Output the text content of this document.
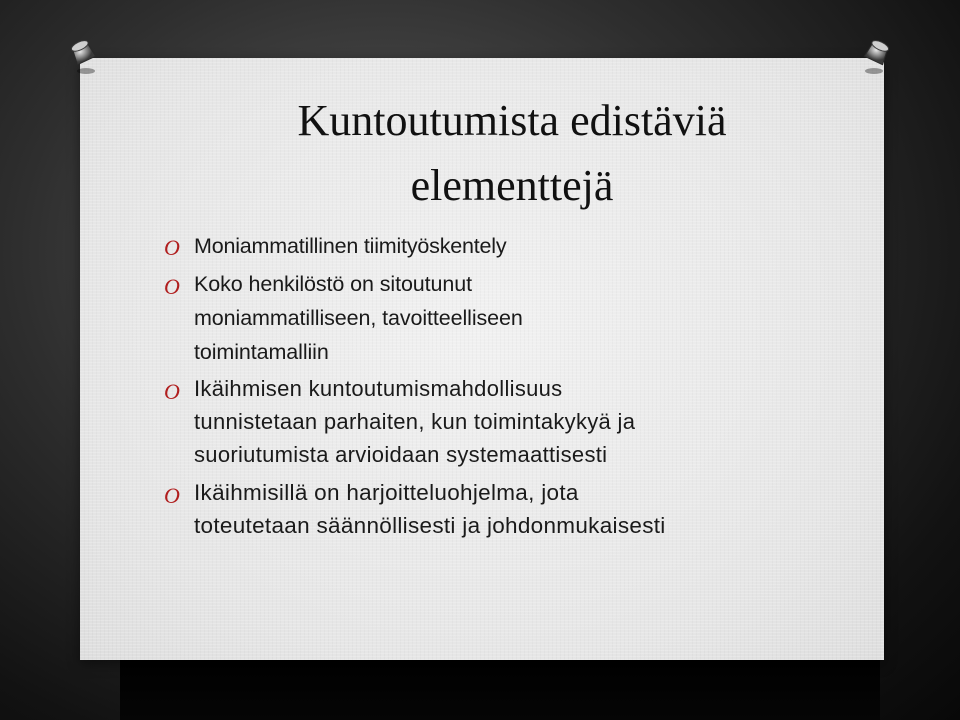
Kuntoutumista edistäviä
elementtejä
O Moniammatillinen tiimityöskentely
O Koko henkilöstö on sitoutunut
moniammatilliseen, tavoitteelliseen
toimintamalliin
O Ikäihmisen kuntoutumismahdollisuus
tunnistetaan parhaiten, kun toimintakykyä ja
suoriutumista arvioidaan systemaattisesti
O Ikäihmisillä on harjoitteluohjelma, jota
toteutetaan säännöllisesti ja johdonmukaisesti
